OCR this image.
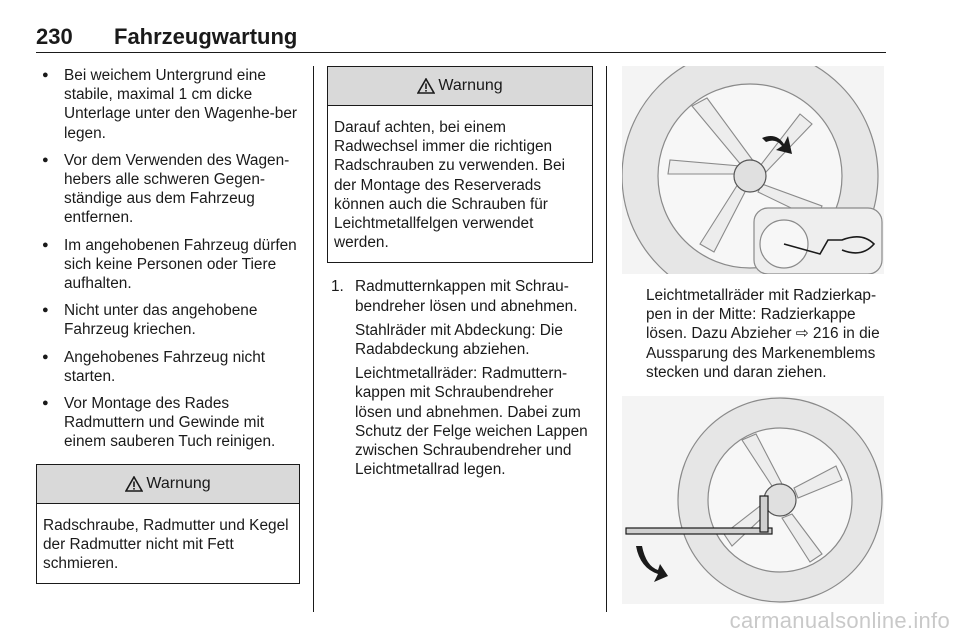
230 Fahrzeugwartung
● Bei weichem Untergrund eine stabile, maximal 1 cm dicke Unterlage unter den Wagenhe-ber legen.
● Vor dem Verwenden des Wagen-hebers alle schweren Gegen-ständige aus dem Fahrzeug entfernen.
● Im angehobenen Fahrzeug dürfen sich keine Personen oder Tiere aufhalten.
● Nicht unter das angehobene Fahrzeug kriechen.
● Angehobenes Fahrzeug nicht starten.
● Vor Montage des Rades Radmuttern und Gewinde mit einem sauberen Tuch reinigen.
Warnung
Radschraube, Radmutter und Kegel der Radmutter nicht mit Fett schmieren.
Warnung
Darauf achten, bei einem Radwechsel immer die richtigen Radschrauben zu verwenden. Bei der Montage des Reserverads können auch die Schrauben für Leichtmetallfelgen verwendet werden.
1. Radmutternkappen mit Schrau-bendreher lösen und abnehmen.

Stahlräder mit Abdeckung: Die Radabdeckung abziehen.

Leichtmetallräder: Radmuttern-kappen mit Schraubendreher lösen und abnehmen. Dabei zum Schutz der Felge weichen Lappen zwischen Schraubendreher und Leichtmetallrad legen.

Leichtmetallräder mit Radzierkap-pen in der Mitte: Radzierkappe lösen. Dazu Abzieher ⇨ 216 in die Aussparung des Markenemblems stecken und daran ziehen.
carmanualsonline.info
